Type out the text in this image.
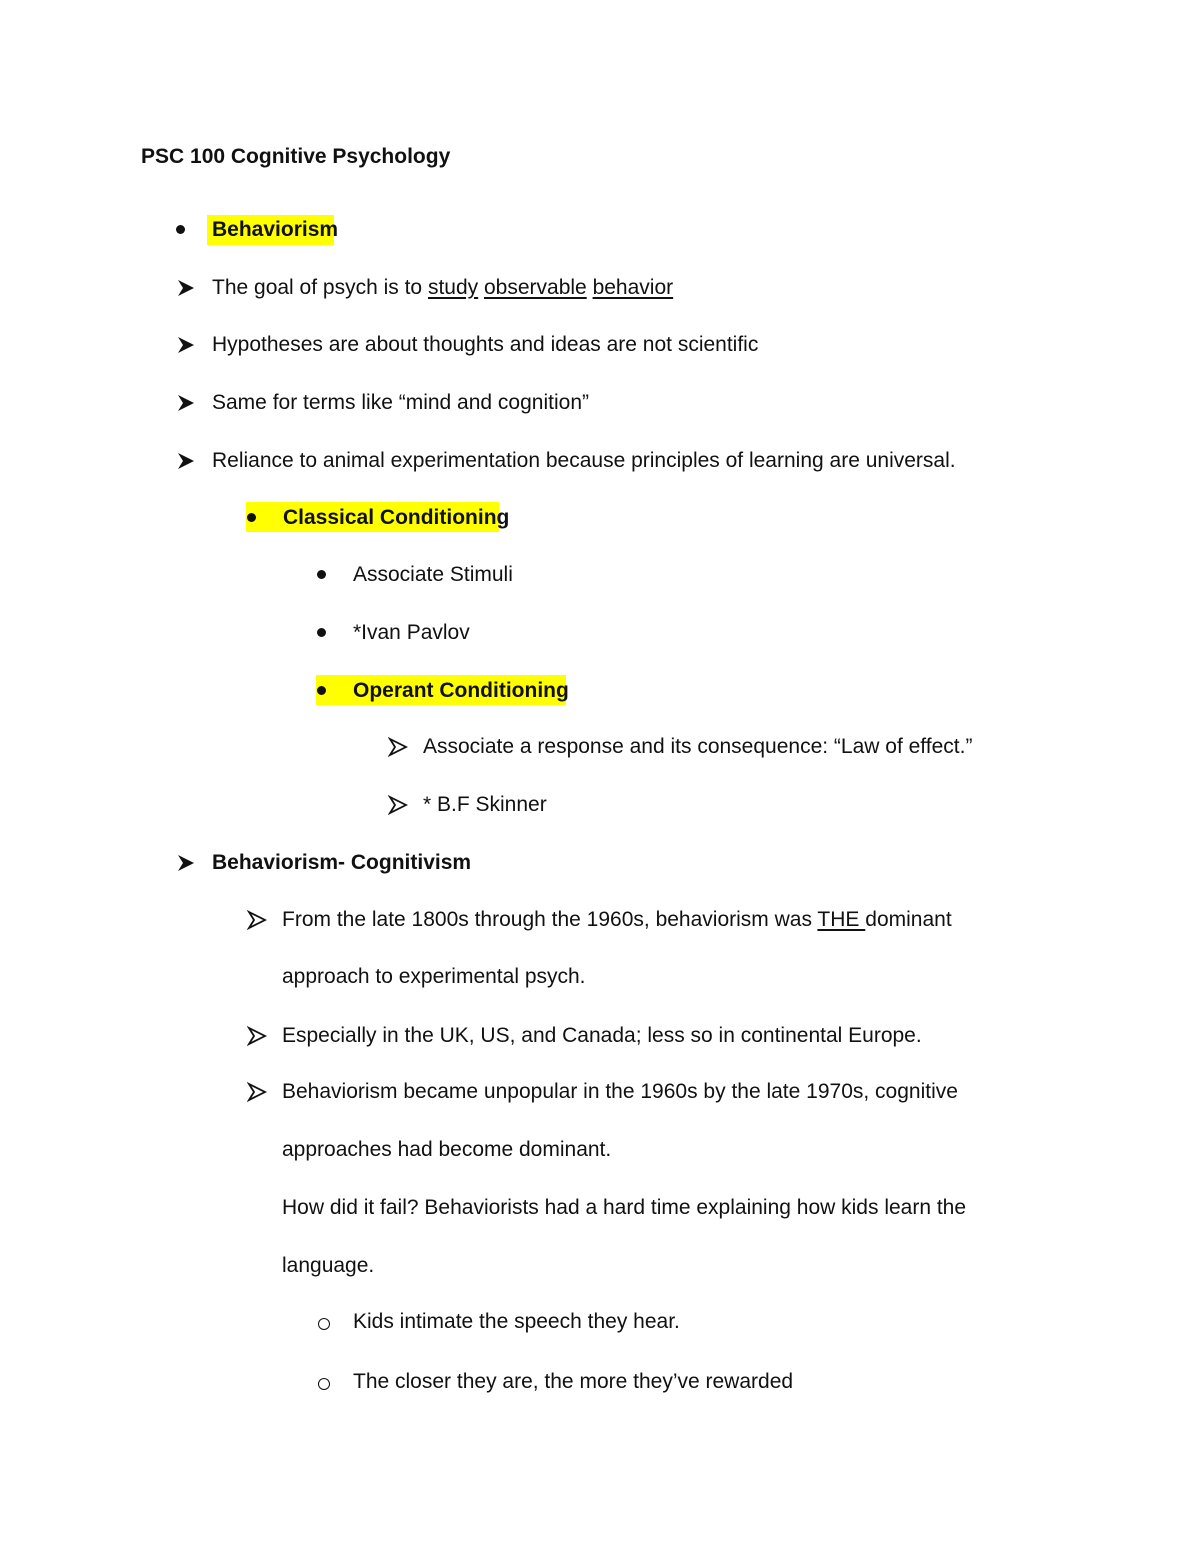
PSC 100 Cognitive Psychology
Behaviorism
The goal of psych is to study observable behavior
Hypotheses are about thoughts and ideas are not scientific
Same for terms like “mind and cognition”
Reliance to animal experimentation because principles of learning are universal.
Classical Conditioning
Associate Stimuli
*Ivan Pavlov
Operant Conditioning
Associate a response and its consequence: “Law of effect.”
* B.F Skinner
Behaviorism- Cognitivism
From the late 1800s through the 1960s, behaviorism was THE dominant
approach to experimental psych.
Especially in the UK, US, and Canada; less so in continental Europe.
Behaviorism became unpopular in the 1960s by the late 1970s, cognitive
approaches had become dominant.
How did it fail? Behaviorists had a hard time explaining how kids learn the
language.
Kids intimate the speech they hear.
The closer they are, the more they’ve rewarded
